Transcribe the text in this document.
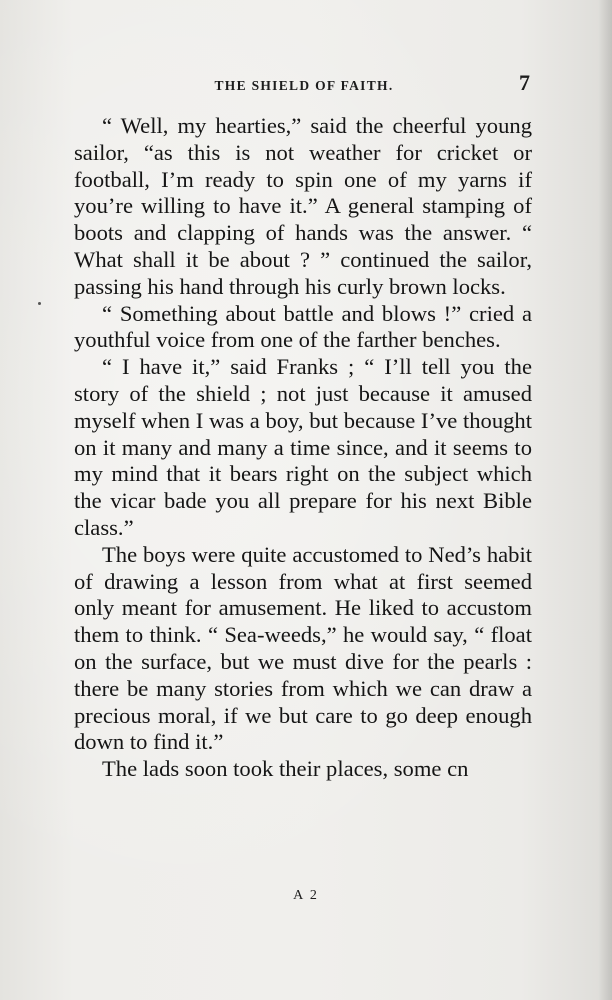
THE SHIELD OF FAITH.	7

“ Well, my hearties,” said the cheerful young sailor, “as this is not weather for cricket or football, I’m ready to spin one of my yarns if you’re willing to have it.” A general stamping of boots and clapping of hands was the answer. “ What shall it be about ? ” continued the sailor, passing his hand through his curly brown locks.

“ Something about battle and blows !” cried a youthful voice from one of the farther benches.

“ I have it,” said Franks ; “ I’ll tell you the story of the shield ; not just because it amused myself when I was a boy, but because I’ve thought on it many and many a time since, and it seems to my mind that it bears right on the subject which the vicar bade you all prepare for his next Bible class.”

The boys were quite accustomed to Ned’s habit of drawing a lesson from what at first seemed only meant for amusement. He liked to accustom them to think. “ Sea-weeds,” he would say, “ float on the surface, but we must dive for the pearls : there be many stories from which we can draw a precious moral, if we but care to go deep enough down to find it.”

The lads soon took their places, some cn

A 2
